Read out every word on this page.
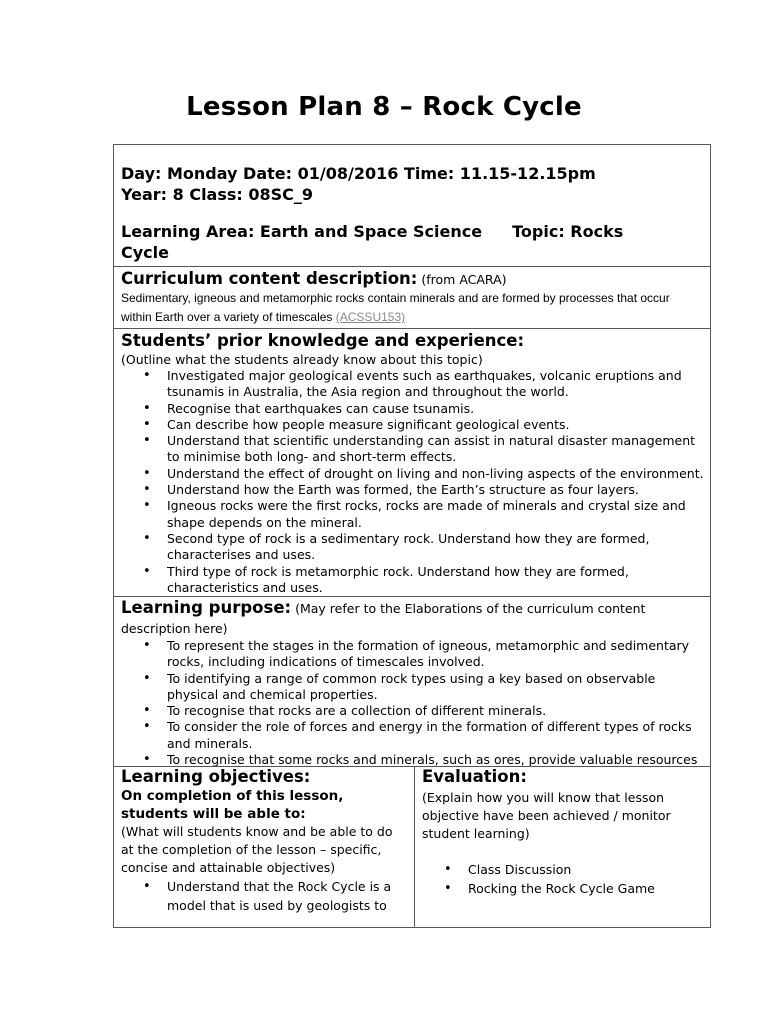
Lesson Plan 8 – Rock Cycle
Day: Monday Date: 01/08/2016 Time: 11.15-12.15pm
Year: 8 Class: 08SC_9
Learning Area: Earth and Space Science Topic: Rocks
Cycle
Curriculum content description: (from ACARA)
Sedimentary, igneous and metamorphic rocks contain minerals and are formed by processes that occur
within Earth over a variety of timescales (ACSSU153)
Students’ prior knowledge and experience:
(Outline what the students already know about this topic)
• Investigated major geological events such as earthquakes, volcanic eruptions and tsunamis in Australia, the Asia region and throughout the world.
• Recognise that earthquakes can cause tsunamis.
• Can describe how people measure significant geological events.
• Understand that scientific understanding can assist in natural disaster management to minimise both long- and short-term effects.
• Understand the effect of drought on living and non-living aspects of the environment.
• Understand how the Earth was formed, the Earth’s structure as four layers.
• Igneous rocks were the first rocks, rocks are made of minerals and crystal size and shape depends on the mineral.
• Second type of rock is a sedimentary rock. Understand how they are formed, characterises and uses.
• Third type of rock is metamorphic rock. Understand how they are formed, characteristics and uses.
Learning purpose: (May refer to the Elaborations of the curriculum content description here)
• To represent the stages in the formation of igneous, metamorphic and sedimentary rocks, including indications of timescales involved.
• To identifying a range of common rock types using a key based on observable physical and chemical properties.
• To recognise that rocks are a collection of different minerals.
• To consider the role of forces and energy in the formation of different types of rocks and minerals.
• To recognise that some rocks and minerals, such as ores, provide valuable resources
Learning objectives:
On completion of this lesson, students will be able to:
(What will students know and be able to do at the completion of the lesson – specific, concise and attainable objectives)
• Understand that the Rock Cycle is a model that is used by geologists to
Evaluation:
(Explain how you will know that lesson objective have been achieved / monitor student learning)
• Class Discussion
• Rocking the Rock Cycle Game
